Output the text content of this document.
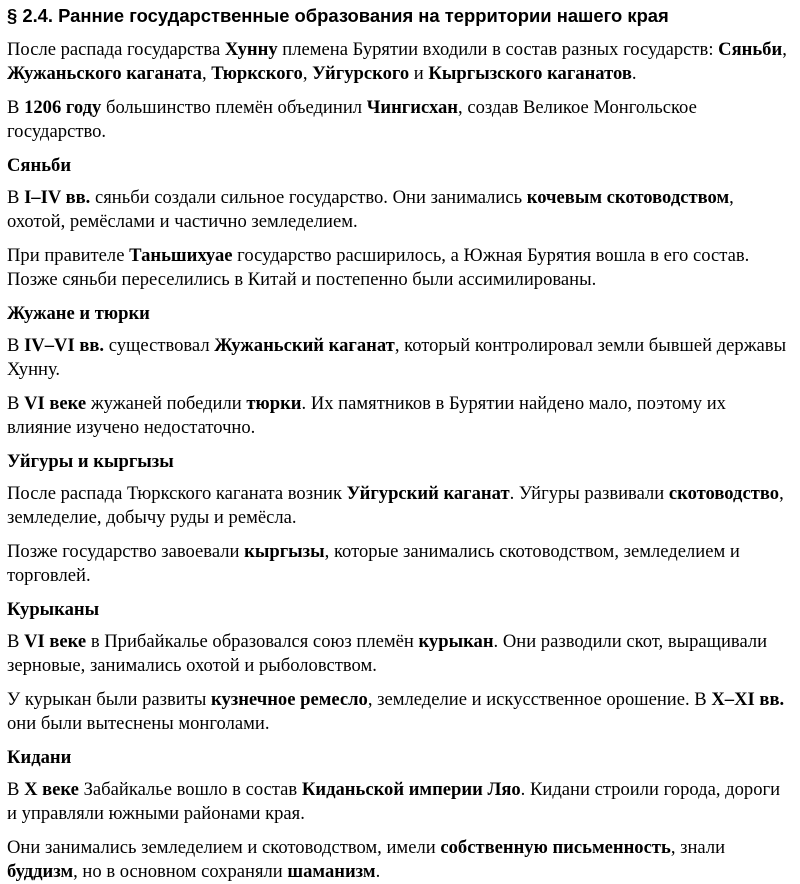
§ 2.4. Ранние государственные образования на территории нашего края

После распада государства Хунну племена Бурятии входили в состав разных государств: Сяньби, Жужаньского каганата, Тюркского, Уйгурского и Кыргызского каганатов.

В 1206 году большинство племён объединил Чингисхан, создав Великое Монгольское государство.

Сяньби

В I–IV вв. сяньби создали сильное государство. Они занимались кочевым скотоводством, охотой, ремёслами и частично земледелием.

При правителе Таньшихуае государство расширилось, а Южная Бурятия вошла в его состав. Позже сяньби переселились в Китай и постепенно были ассимилированы.

Жужане и тюрки

В IV–VI вв. существовал Жужаньский каганат, который контролировал земли бывшей державы Хунну.

В VI веке жужаней победили тюрки. Их памятников в Бурятии найдено мало, поэтому их влияние изучено недостаточно.

Уйгуры и кыргызы

После распада Тюркского каганата возник Уйгурский каганат. Уйгуры развивали скотоводство, земледелие, добычу руды и ремёсла.

Позже государство завоевали кыргызы, которые занимались скотоводством, земледелием и торговлей.

Курыканы

В VI веке в Прибайкалье образовался союз племён курыкан. Они разводили скот, выращивали зерновые, занимались охотой и рыболовством.

У курыкан были развиты кузнечное ремесло, земледелие и искусственное орошение. В X–XI вв. они были вытеснены монголами.

Кидани

В X веке Забайкалье вошло в состав Киданьской империи Ляо. Кидани строили города, дороги и управляли южными районами края.

Они занимались земледелием и скотоводством, имели собственную письменность, знали буддизм, но в основном сохраняли шаманизм.
